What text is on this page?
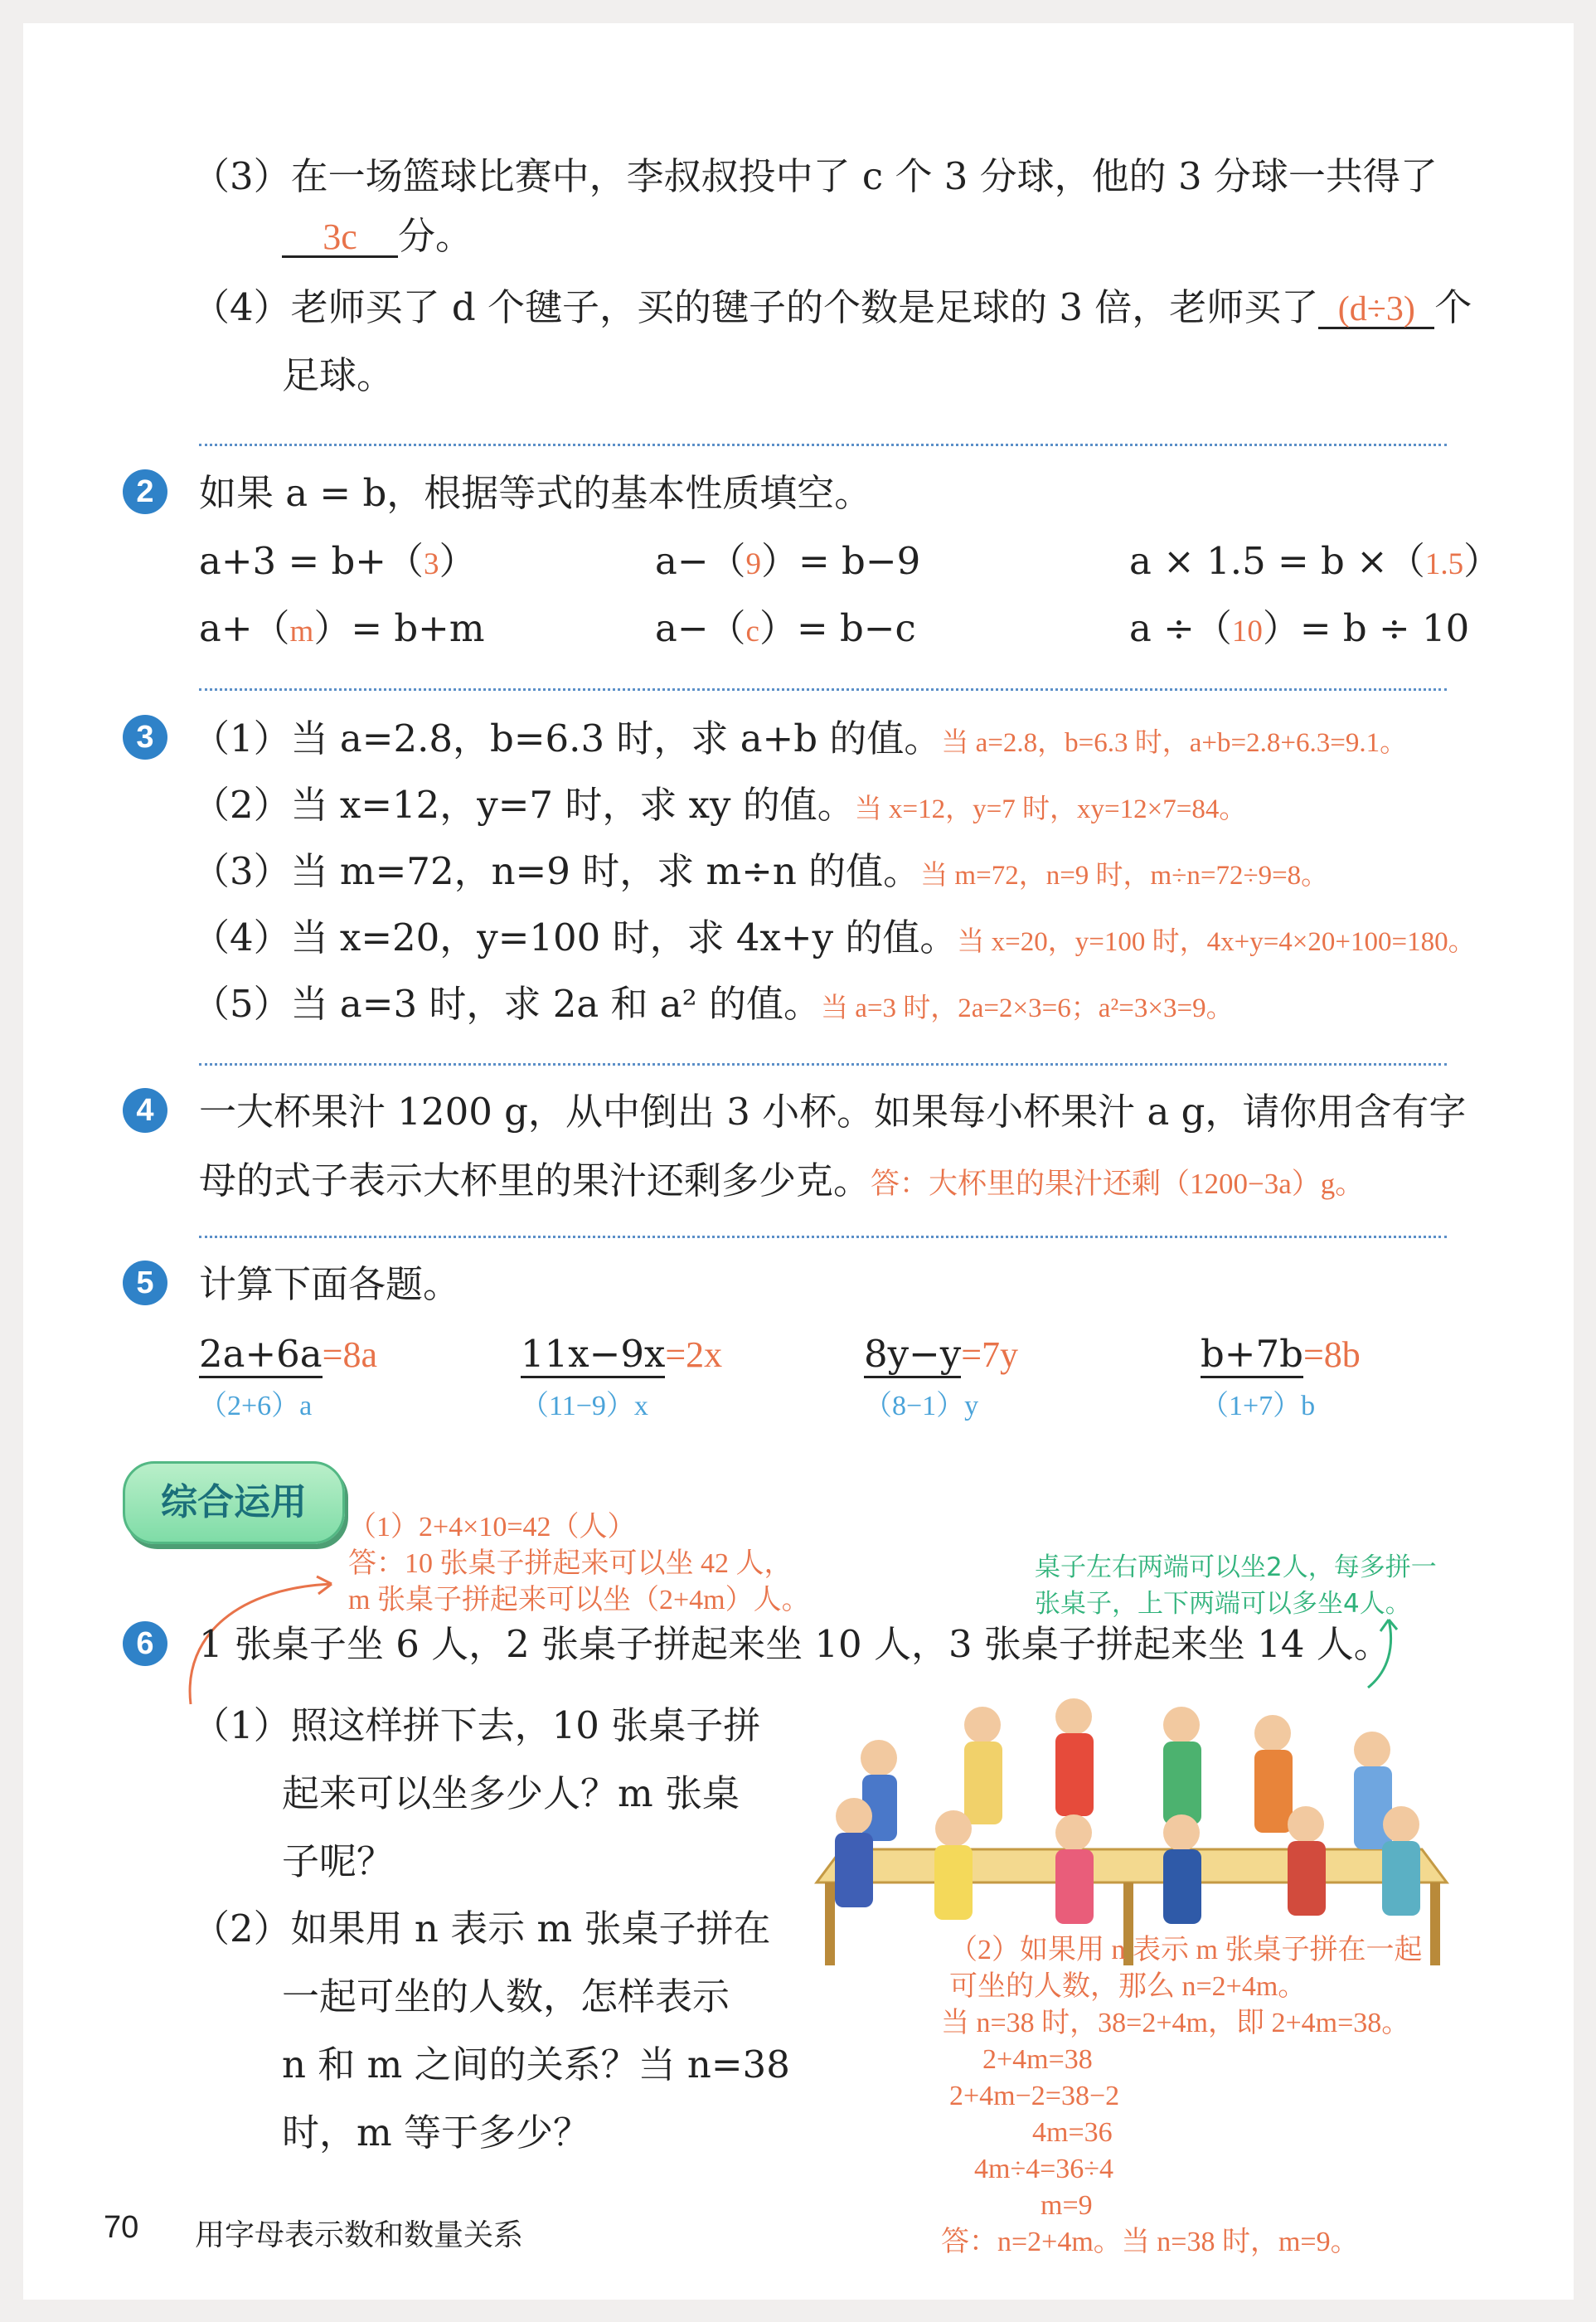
（3）在一场篮球比赛中，李叔叔投中了 c 个 3 分球，他的 3 分球一共得了
3c 分。
（4）老师买了 d 个毽子，买的毽子的个数是足球的 3 倍，老师买了 (d÷3) 个
足球。
2	如果 a = b，根据等式的基本性质填空。
a+3 = b+（3）	a−（9）= b−9	a × 1.5 = b ×（1.5）
a+（m）= b+m	a−（c）= b−c	a ÷（10）= b ÷ 10
3	（1）当 a=2.8，b=6.3 时，求 a+b 的值。当 a=2.8，b=6.3 时，a+b=2.8+6.3=9.1。
（2）当 x=12，y=7 时，求 xy 的值。当 x=12，y=7 时，xy=12×7=84。
（3）当 m=72，n=9 时，求 m÷n 的值。当 m=72，n=9 时，m÷n=72÷9=8。
（4）当 x=20，y=100 时，求 4x+y 的值。当 x=20，y=100 时，4x+y=4×20+100=180。
（5）当 a=3 时，求 2a 和 a² 的值。当 a=3 时，2a=2×3=6；a²=3×3=9。
4	一大杯果汁 1200 g，从中倒出 3 小杯。如果每小杯果汁 a g，请你用含有字
母的式子表示大杯里的果汁还剩多少克。答：大杯里的果汁还剩（1200−3a）g。
5	计算下面各题。
2a+6a=8a
（2+6）a
11x−9x=2x
（11−9）x
8y−y=7y
（8−1）y
b+7b=8b
（1+7）b
综合运用
（1）2+4×10=42（人）
答：10 张桌子拼起来可以坐 42 人，
m 张桌子拼起来可以坐（2+4m）人。
桌子左右两端可以坐2人，每多拼一
张桌子，上下两端可以多坐4人。
6	1 张桌子坐 6 人，2 张桌子拼起来坐 10 人，3 张桌子拼起来坐 14 人。
（1）照这样拼下去，10 张桌子拼
起来可以坐多少人？m 张桌
子呢？
（2）如果用 n 表示 m 张桌子拼在
一起可坐的人数，怎样表示
n 和 m 之间的关系？当 n=38
时，m 等于多少？
（2）如果用 n 表示 m 张桌子拼在一起
可坐的人数，那么 n=2+4m。
当 n=38 时，38=2+4m，即 2+4m=38。
2+4m=38
2+4m−2=38−2
4m=36
4m÷4=36÷4
m=9
答：n=2+4m。当 n=38 时，m=9。
70 用字母表示数和数量关系
